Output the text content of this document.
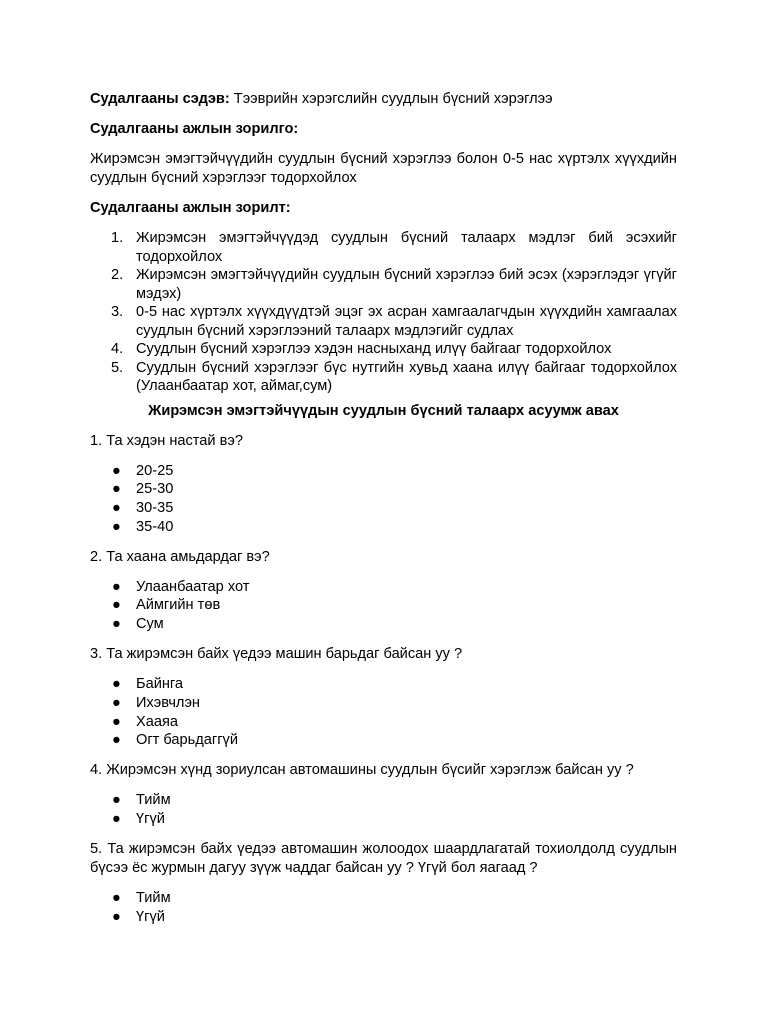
Судалгааны сэдэв: Тээврийн хэрэгслийн суудлын бүсний хэрэглээ

Судалгааны ажлын зорилго:

Жирэмсэн эмэгтэйчүүдийн суудлын бүсний хэрэглээ болон 0-5 нас хүртэлх хүүхдийн суудлын бүсний хэрэглээг тодорхойлох

Судалгааны ажлын зорилт:

1. Жирэмсэн эмэгтэйчүүдэд суудлын бүсний талаарх мэдлэг бий эсэхийг тодорхойлох
2. Жирэмсэн эмэгтэйчүүдийн суудлын бүсний хэрэглээ бий эсэх (хэрэглэдэг үгүйг мэдэх)
3. 0-5 нас хүртэлх хүүхдүүдтэй эцэг эх асран хамгаалагчдын хүүхдийн хамгаалах суудлын бүсний хэрэглээний талаарх мэдлэгийг судлах
4. Суудлын бүсний хэрэглээ хэдэн насныханд илүү байгааг тодорхойлох
5. Суудлын бүсний хэрэглээг бүс нутгийн хувьд хаана илүү байгааг тодорхойлох (Улаанбаатар хот, аймаг,сум)

Жирэмсэн эмэгтэйчүүдын суудлын бүсний талаарх асуумж авах

1. Та хэдэн настай вэ?

● 20-25
● 25-30
● 30-35
● 35-40

2. Та хаана амьдардаг вэ?

● Улаанбаатар хот
● Аймгийн төв
● Сум

3. Та жирэмсэн байх үедээ машин барьдаг байсан уу ?

● Байнга
● Ихэвчлэн
● Хааяа
● Огт барьдаггүй

4. Жирэмсэн хүнд зориулсан автомашины суудлын бүсийг хэрэглэж байсан уу ?

● Тийм
● Үгүй

5. Та жирэмсэн байх үедээ автомашин жолоодох шаардлагатай тохиолдолд суудлын бүсээ ёс журмын дагуу зүүж чаддаг байсан уу ? Үгүй бол яагаад ?

● Тийм
● Үгүй
